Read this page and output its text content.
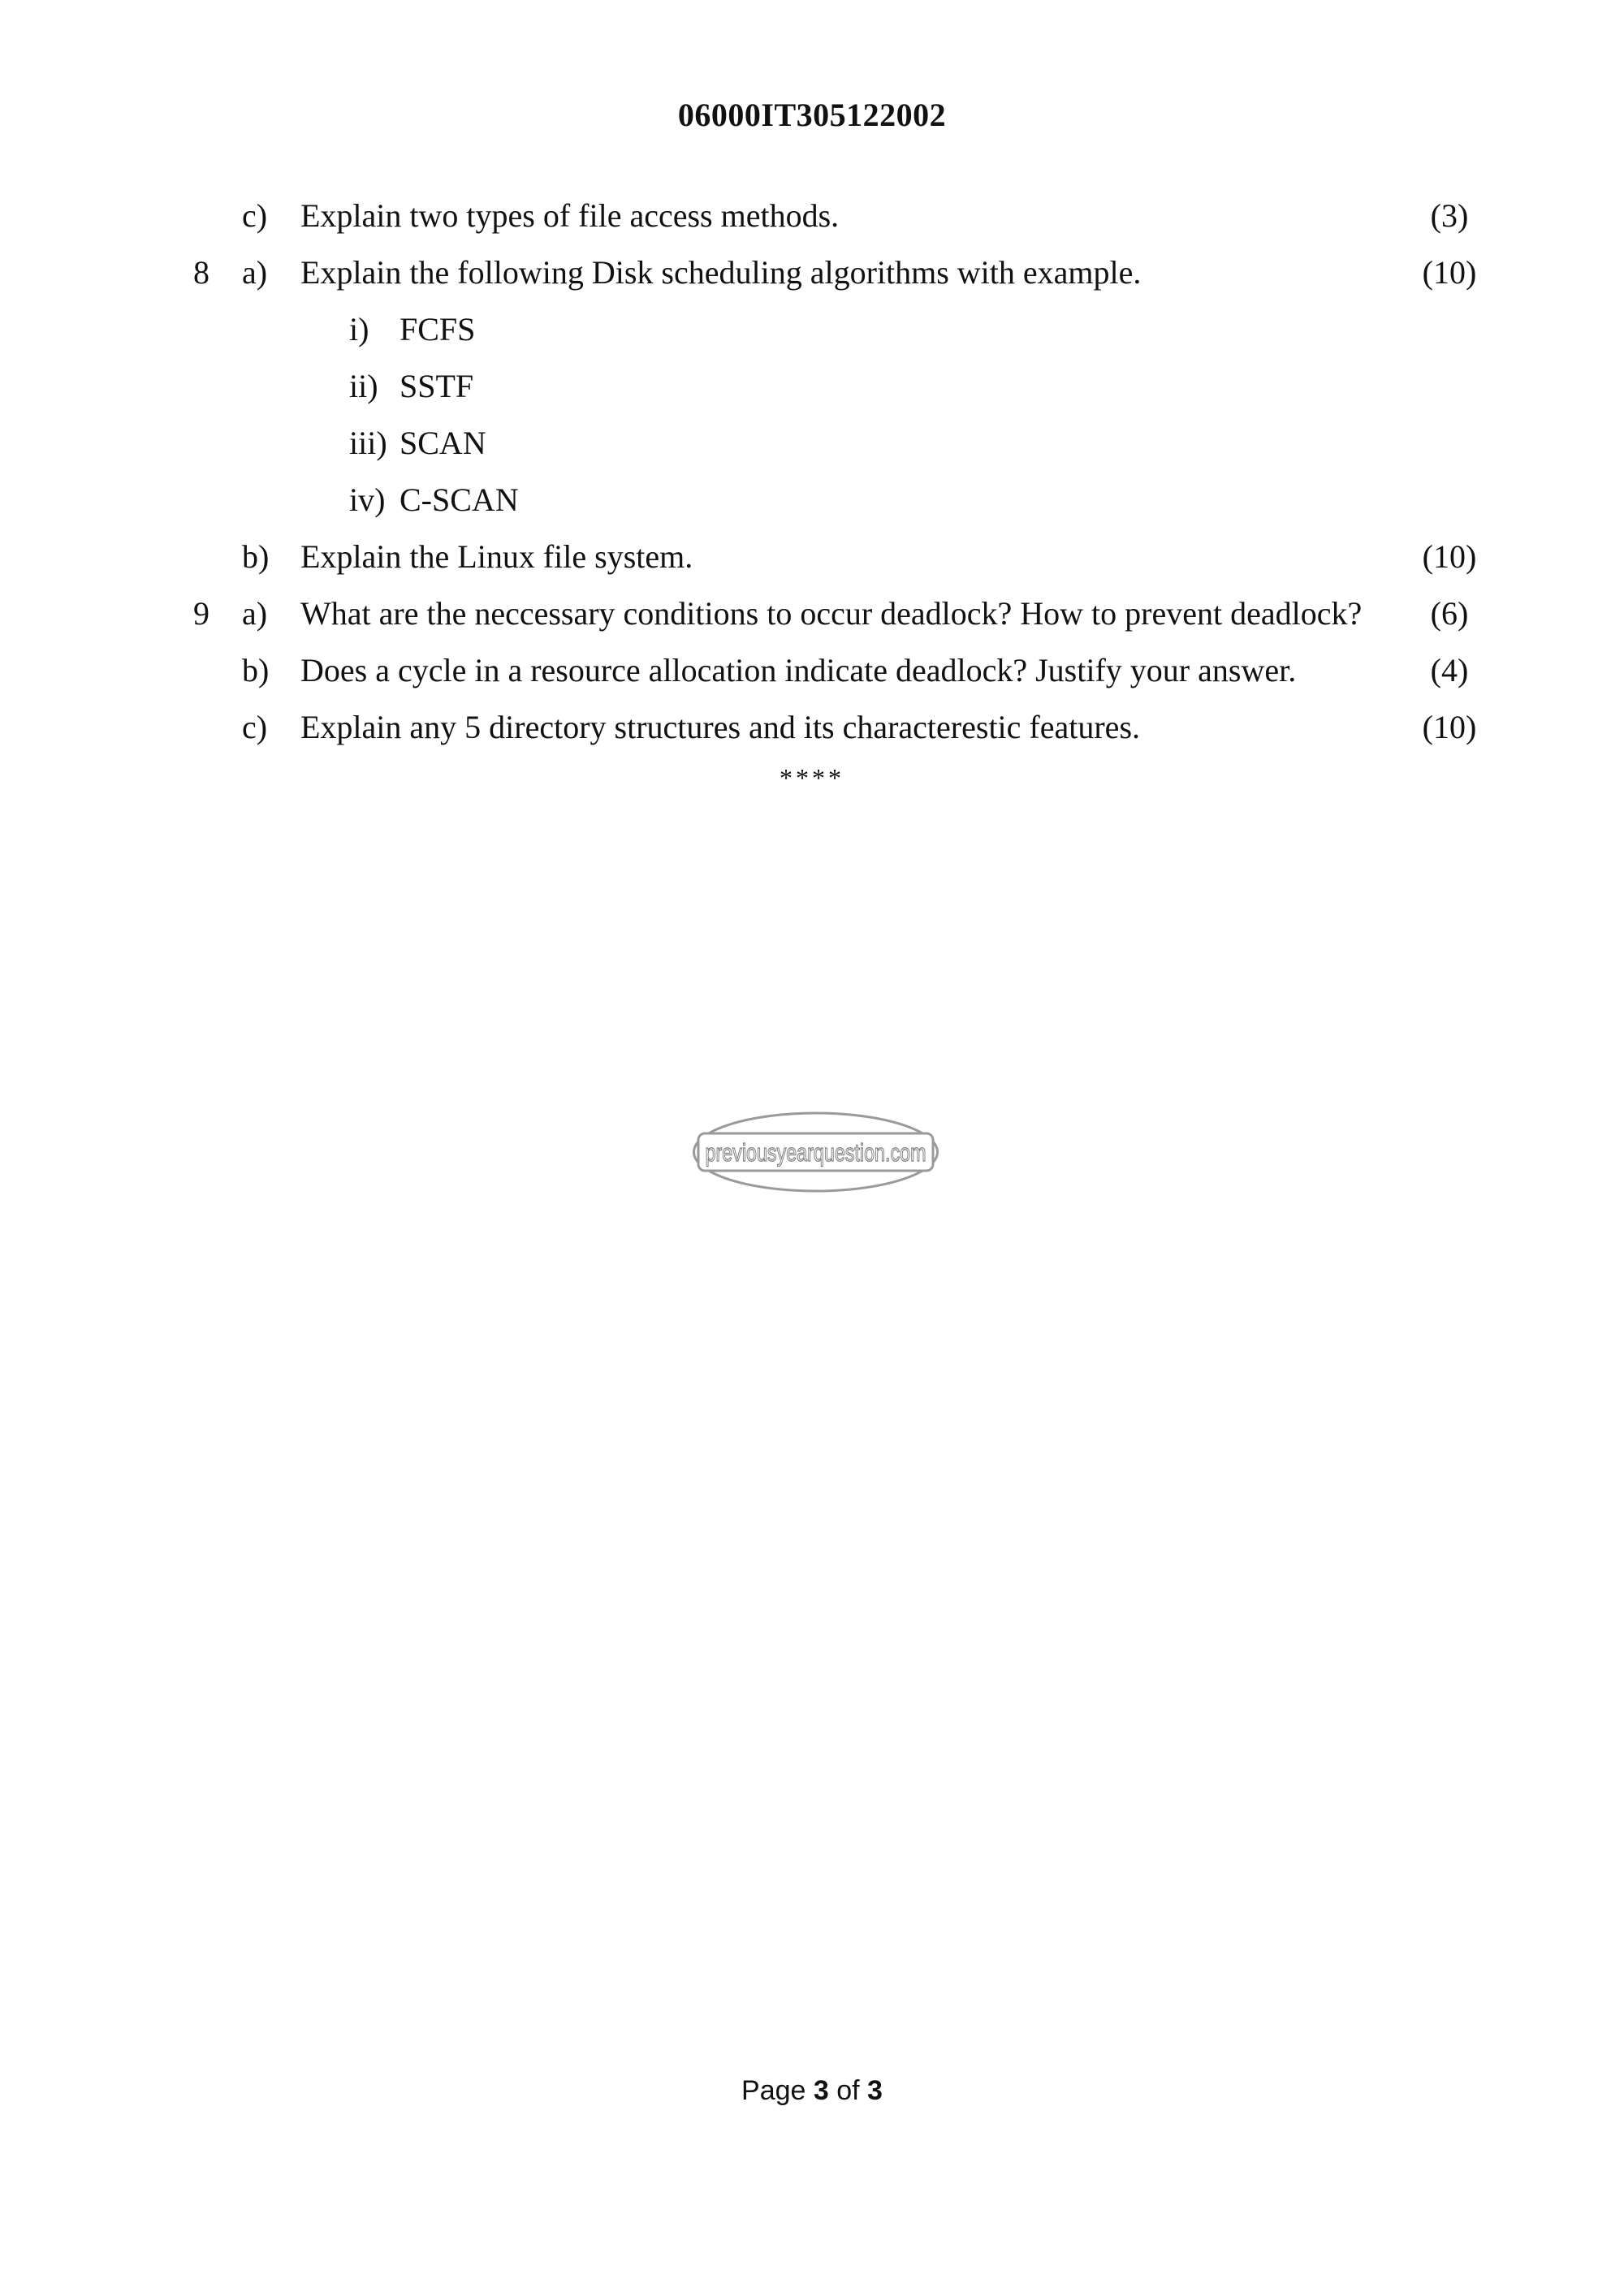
06000IT305122002
c)	Explain two types of file access methods.	(3)
8	a)	Explain the following Disk scheduling algorithms with example.	(10)
i) FCFS
ii) SSTF
iii) SCAN
iv) C-SCAN
b) Explain the Linux file system.	(10)
9	a)	What are the neccessary conditions to occur deadlock? How to prevent deadlock?	(6)
b) Does a cycle in a resource allocation indicate deadlock? Justify your answer.	(4)
c)	Explain any 5 directory structures and its characterestic features.	(10)
****
previousyearquestion.com
Page 3 of 3
